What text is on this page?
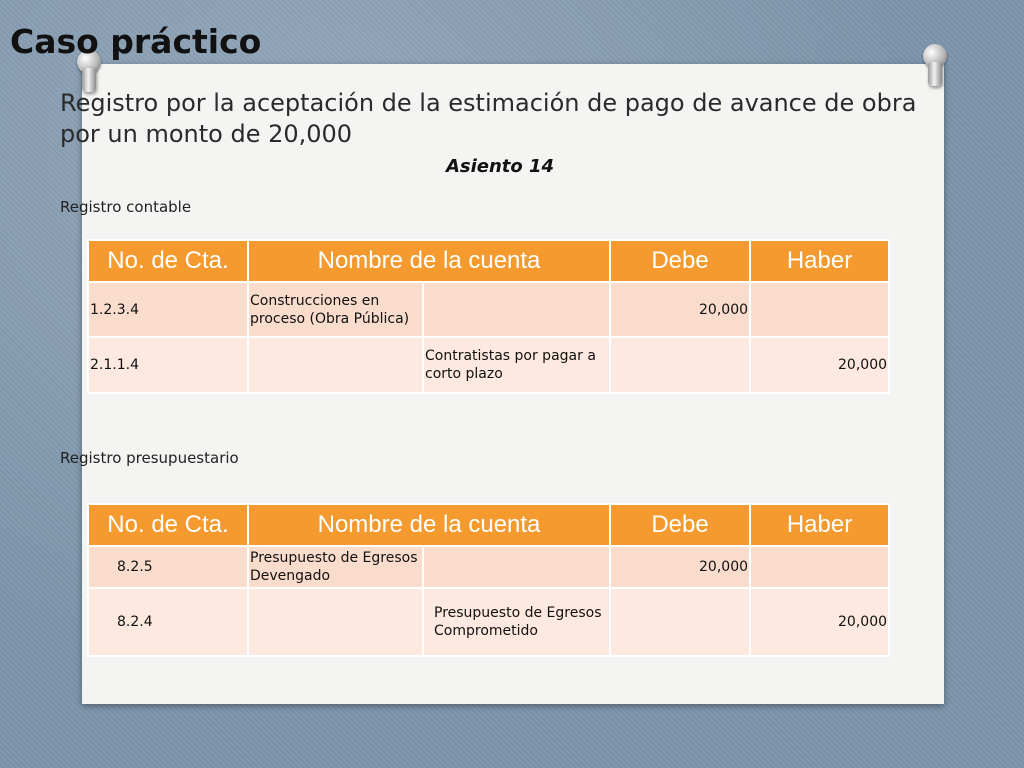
Caso práctico

Registro por la aceptación de la estimación de pago de avance de obra por un monto de 20,000

Asiento 14
Registro contable
No. de Cta.	Nombre de la cuenta		Debe	Haber
1.2.3.4	Construcciones en proceso (Obra Pública)		20,000	
2.1.1.4		Contratistas por pagar a corto plazo		20,000
Registro presupuestario
No. de Cta.	Nombre de la cuenta		Debe	Haber
8.2.5	Presupuesto de Egresos Devengado		20,000	
8.2.4		Presupuesto de Egresos Comprometido		20,000
